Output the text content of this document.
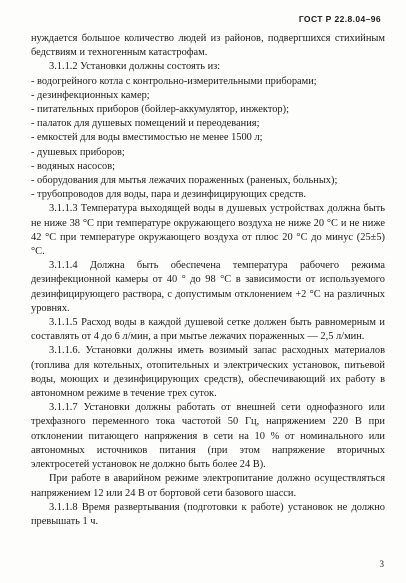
ГОСТ Р 22.8.04–96

нуждается большое количество людей из районов, подвергшихся стихийным бедствиям и техногенным катастрофам.

3.1.1.2 Установки должны состоять из:

- водогрейного котла с контрольно-измерительными приборами;

- дезинфекционных камер;

- питательных приборов (бойлер-аккумулятор, инжектор);

- палаток для душевых помещений и переодевания;

- емкостей для воды вместимостью не менее 1500 л;

- душевых приборов;

- водяных насосов;

- оборудования для мытья лежачих пораженных (раненых, больных);

- трубопроводов для воды, пара и дезинфицирующих средств.

3.1.1.3 Температура выходящей воды в душевых устройствах должна быть не ниже 38 °С при температуре окружающего воздуха не ниже 20 °С и не ниже 42 °С при температуре окружающего воздуха от плюс 20 °С до минус (25±5) °С.

3.1.1.4 Должна быть обеспечена температура рабочего режима дезинфекционной камеры от 40 ° до 98 °С в зависимости от используемого дезинфицирующего раствора, с допустимым отклонением +2 °С на различных уровнях.

3.1.1.5 Расход воды в каждой душевой сетке должен быть равномерным и составлять от 4 до 6 л/мин, а при мытье лежачих пораженных — 2,5 л/мин.

3.1.1.6. Установки должны иметь возимый запас расходных материалов (топлива для котельных, отопительных и электрических установок, питьевой воды, моющих и дезинфицирующих средств), обеспечивающий их работу в автономном режиме в течение трех суток.

3.1.1.7 Установки должны работать от внешней сети однофазного или трехфазного переменного тока частотой 50 Гц, напряжением 220 В при отклонении питающего напряжения в сети на 10 % от номинального или автономных источников питания (при этом напряжение вторичных электросетей установок не должно быть более 24 В).

При работе в аварийном режиме электропитание должно осуществляться напряжением 12 или 24 В от бортовой сети базового шасси.

3.1.1.8 Время развертывания (подготовки к работе) установок не должно превышать 1 ч.

3
